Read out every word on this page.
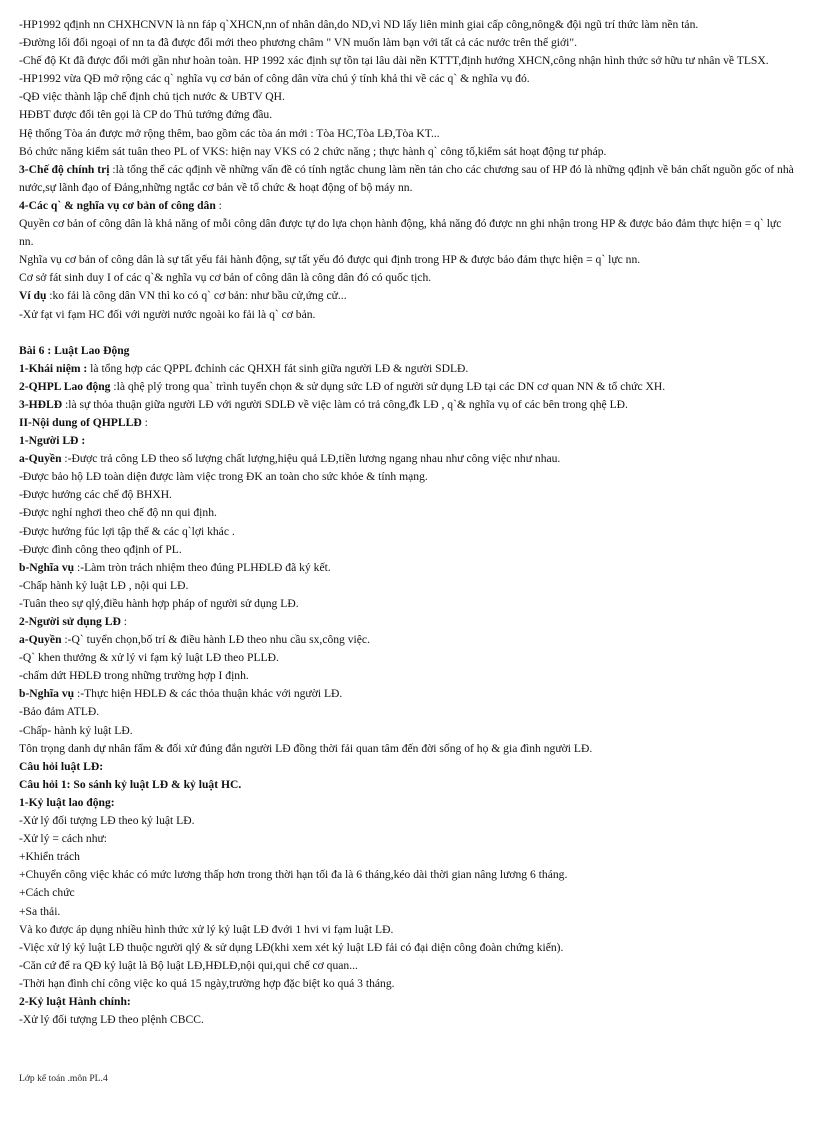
-HP1992 qđịnh nn CHXHCNVN là nn fáp q`XHCN,nn of nhân dân,do ND,vì ND lấy liên minh giai cấp công,nông& đội ngũ trí thức làm nền tản.

-Đường lối đối ngoại of nn ta đã được đổi mới theo phương châm " VN muốn làm bạn với tất cả các nước trên thế giới".

-Chế độ Kt đã được đổi mới gần như hoàn toàn. HP 1992 xác định sự tồn tại lâu dài nền KTTT,định hướng XHCN,công nhận hình thức sở hữu tư nhân về TLSX.

-HP1992 vừa QĐ mở rộng các q` nghĩa vụ cơ bản of công dân vừa chú ý tính khả thi về các q` & nghĩa vụ đó.

-QĐ việc thành lập chế định chủ tịch nước & UBTV QH.

HĐBT được đổi tên gọi là CP do Thủ tướng đứng đầu.

Hệ thống Tòa án được mở rộng thêm, bao gồm các tòa án mới : Tòa HC,Tòa LĐ,Tòa KT...

Bỏ chức năng kiểm sát tuân theo PL of VKS: hiện nay VKS có 2 chức năng ; thực hành q` công tố,kiểm sát hoạt động tư pháp.

3-Chế độ chính trị :là tổng thể các qđịnh về những vấn đề có tính ngtắc chung làm nền tản cho các chương sau of HP đó là những qđịnh về bản chất nguồn gốc of nhà nước,sự lãnh đạo of Đảng,những ngtắc cơ bản về tổ chức & hoạt động of bộ máy nn.

4-Các q` & nghĩa vụ cơ bản of công dân :

Quyền cơ bản of công dân là khả năng of mỗi công dân được tự do lựa chọn hành động, khả năng đó được nn ghi nhận trong HP & được bảo đảm thực hiện = q` lực nn.

Nghĩa vụ cơ bản of công dân là sự tất yếu fải hành động, sự tất yếu đó được qui định trong HP & được bảo đảm thực hiện = q` lực nn.

Cơ sở fát sinh duy I of các q`& nghĩa vụ cơ bản of công dân là công dân đó có quốc tịch.

Ví dụ :ko fải là công dân VN thì ko có q` cơ bản: như bầu cử,ứng cử...

-Xử fạt vi fạm HC đối với người nước ngoài ko fải là q` cơ bản.

Bài 6 : Luật Lao Động

1-Khái niệm : là tổng hợp các QPPL đchỉnh các QHXH fát sinh giữa người LĐ & người SDLĐ.

2-QHPL Lao động :là qhệ plý trong qua` trình tuyển chọn & sử dụng sức LĐ of người sử dụng LĐ tại các DN cơ quan NN & tổ chức XH.

3-HĐLĐ :là sự thỏa thuận giữa người LĐ với người SDLĐ về việc làm có trả công,đk LĐ , q`& nghĩa vụ of các bên trong qhệ LĐ.

II-Nội dung of QHPLLĐ :

1-Người LĐ :

a-Quyền :-Được trả công LĐ theo số lượng chất lượng,hiệu quả LĐ,tiền lương ngang nhau như công việc như nhau.

-Được bảo hộ LĐ toàn diện được làm việc trong ĐK an toàn cho sức khỏe & tính mạng.

-Được hưởng các chế độ BHXH.

-Được nghỉ nghơi theo chế độ nn qui định.

-Được hưởng fúc lợi tập thể & các q`lợi khác .

-Được đình công theo qđịnh of PL.

b-Nghĩa vụ :-Làm tròn trách nhiệm theo đúng PLHĐLĐ đã ký kết.

-Chấp hành kỷ luật LĐ , nội qui LĐ.

-Tuân theo sự qlý,điều hành hợp pháp of người sử dụng LĐ.

2-Người sử dụng LĐ :

a-Quyền :-Q` tuyển chọn,bố trí & điều hành LĐ theo nhu cầu sx,công việc.

-Q` khen thưởng & xử lý vi fạm kỷ luật LĐ theo PLLĐ.

-chấm dứt HĐLĐ trong những trường hợp I định.

b-Nghĩa vụ :-Thực hiện HĐLĐ & các thỏa thuận khác với người LĐ.

-Bảo đảm ATLĐ.

-Chấp- hành kỷ luật LĐ.

Tôn trọng danh dự nhân fẩm & đối xử đúng đắn người LĐ đồng thời fải quan tâm đến đời sống of họ & gia đình người LĐ.

Câu hỏi luật LĐ:

Câu hỏi 1: So sánh kỷ luật LĐ & kỷ luật HC.

1-Kỷ luật lao động:

-Xử lý đối tượng LĐ theo kỷ luật LĐ.

-Xử lý = cách như:

+Khiển trách

+Chuyển công việc khác có mức lương thấp hơn trong thời hạn tối đa là 6 tháng,kéo dài thời gian nâng lương 6 tháng.

+Cách chức

+Sa thải.

Và ko được áp dụng nhiều hình thức xử lý kỷ luật LĐ đvới 1 hvi vi fạm luật LĐ.

-Việc xử lý kỷ luật LĐ thuộc người qlý & sử dụng LĐ(khi xem xét kỷ luật LĐ fải có đại diện công đoàn chứng kiến).

-Căn cứ để ra QĐ kỷ luật là Bộ luật LĐ,HĐLĐ,nội qui,qui chế cơ quan...

-Thời hạn đình chỉ công việc ko quá 15 ngày,trường hợp đặc biệt ko quá 3 tháng.

2-Kỷ luật Hành chính:

-Xử lý đối tượng LĐ theo plệnh CBCC.

Lớp kế toán .môn PL.4
